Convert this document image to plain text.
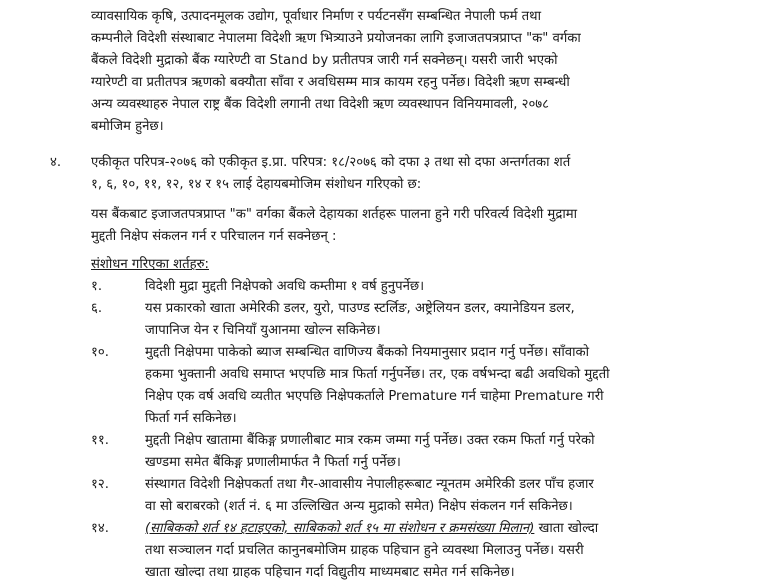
व्यावसायिक कृषि, उत्पादनमूलक उद्योग, पूर्वाधार निर्माण र पर्यटनसँग सम्बन्धित नेपाली फर्म तथा
कम्पनीले विदेशी संस्थाबाट नेपालमा विदेशी ऋण भित्र्याउने प्रयोजनका लागि इजाजतपत्रप्राप्त "क" वर्गका
बैंकले विदेशी मुद्राको बैंक ग्यारेण्टी वा Stand by प्रतीतपत्र जारी गर्न सक्नेछन्। यसरी जारी भएको
ग्यारेण्टी वा प्रतीतपत्र ऋणको बक्यौता साँवा र अवधिसम्म मात्र कायम रहनु पर्नेछ। विदेशी ऋण सम्बन्धी
अन्य व्यवस्थाहरु नेपाल राष्ट्र बैंक विदेशी लगानी तथा विदेशी ऋण व्यवस्थापन विनियमावली, २०७८
बमोजिम हुनेछ।
४. एकीकृत परिपत्र-२०७६ को एकीकृत इ.प्रा. परिपत्र: १८/२०७६ को दफा ३ तथा सो दफा अन्तर्गतका शर्त
१, ६, १०, ११, १२, १४ र १५ लाई देहायबमोजिम संशोधन गरिएको छ:
यस बैंकबाट इजाजतपत्रप्राप्त "क" वर्गका बैंकले देहायका शर्तहरू पालना हुने गरी परिवर्त्य विदेशी मुद्रामा
मुद्दती निक्षेप संकलन गर्न र परिचालन गर्न सक्नेछन् :
संशोधन गरिएका शर्तहरु:
१.	विदेशी मुद्रा मुद्दती निक्षेपको अवधि कम्तीमा १ वर्ष हुनुपर्नेछ।
६.	यस प्रकारको खाता अमेरिकी डलर, युरो, पाउण्ड स्टर्लिङ, अष्ट्रेलियन डलर, क्यानेडियन डलर,
जापानिज येन र चिनियाँ युआनमा खोल्न सकिनेछ।
१०.	मुद्दती निक्षेपमा पाकेको ब्याज सम्बन्धित वाणिज्य बैंकको नियमानुसार प्रदान गर्नु पर्नेछ। साँवाको
हकमा भुक्तानी अवधि समाप्त भएपछि मात्र फिर्ता गर्नुपर्नेछ। तर, एक वर्षभन्दा बढी अवधिको मुद्दती
निक्षेप एक वर्ष अवधि व्यतीत भएपछि निक्षेपकर्ताले Premature गर्न चाहेमा Premature गरी
फिर्ता गर्न सकिनेछ।
११.	मुद्दती निक्षेप खातामा बैंकिङ्ग प्रणालीबाट मात्र रकम जम्मा गर्नु पर्नेछ। उक्त रकम फिर्ता गर्नु परेको
खण्डमा समेत बैंकिङ्ग प्रणालीमार्फत नै फिर्ता गर्नु पर्नेछ।
१२.	संस्थागत विदेशी निक्षेपकर्ता तथा गैर-आवासीय नेपालीहरूबाट न्यूनतम अमेरिकी डलर पाँच हजार
वा सो बराबरको (शर्त नं. ६ मा उल्लिखित अन्य मुद्राको समेत) निक्षेप संकलन गर्न सकिनेछ।
१४.	(साबिकको शर्त १४ हटाइएको, साबिकको शर्त १५ मा संशोधन र क्रमसंख्या मिलान) खाता खोल्दा
तथा सञ्चालन गर्दा प्रचलित कानुनबमोजिम ग्राहक पहिचान हुने व्यवस्था मिलाउनु पर्नेछ। यसरी
खाता खोल्दा तथा ग्राहक पहिचान गर्दा विद्युतीय माध्यमबाट समेत गर्न सकिनेछ।
